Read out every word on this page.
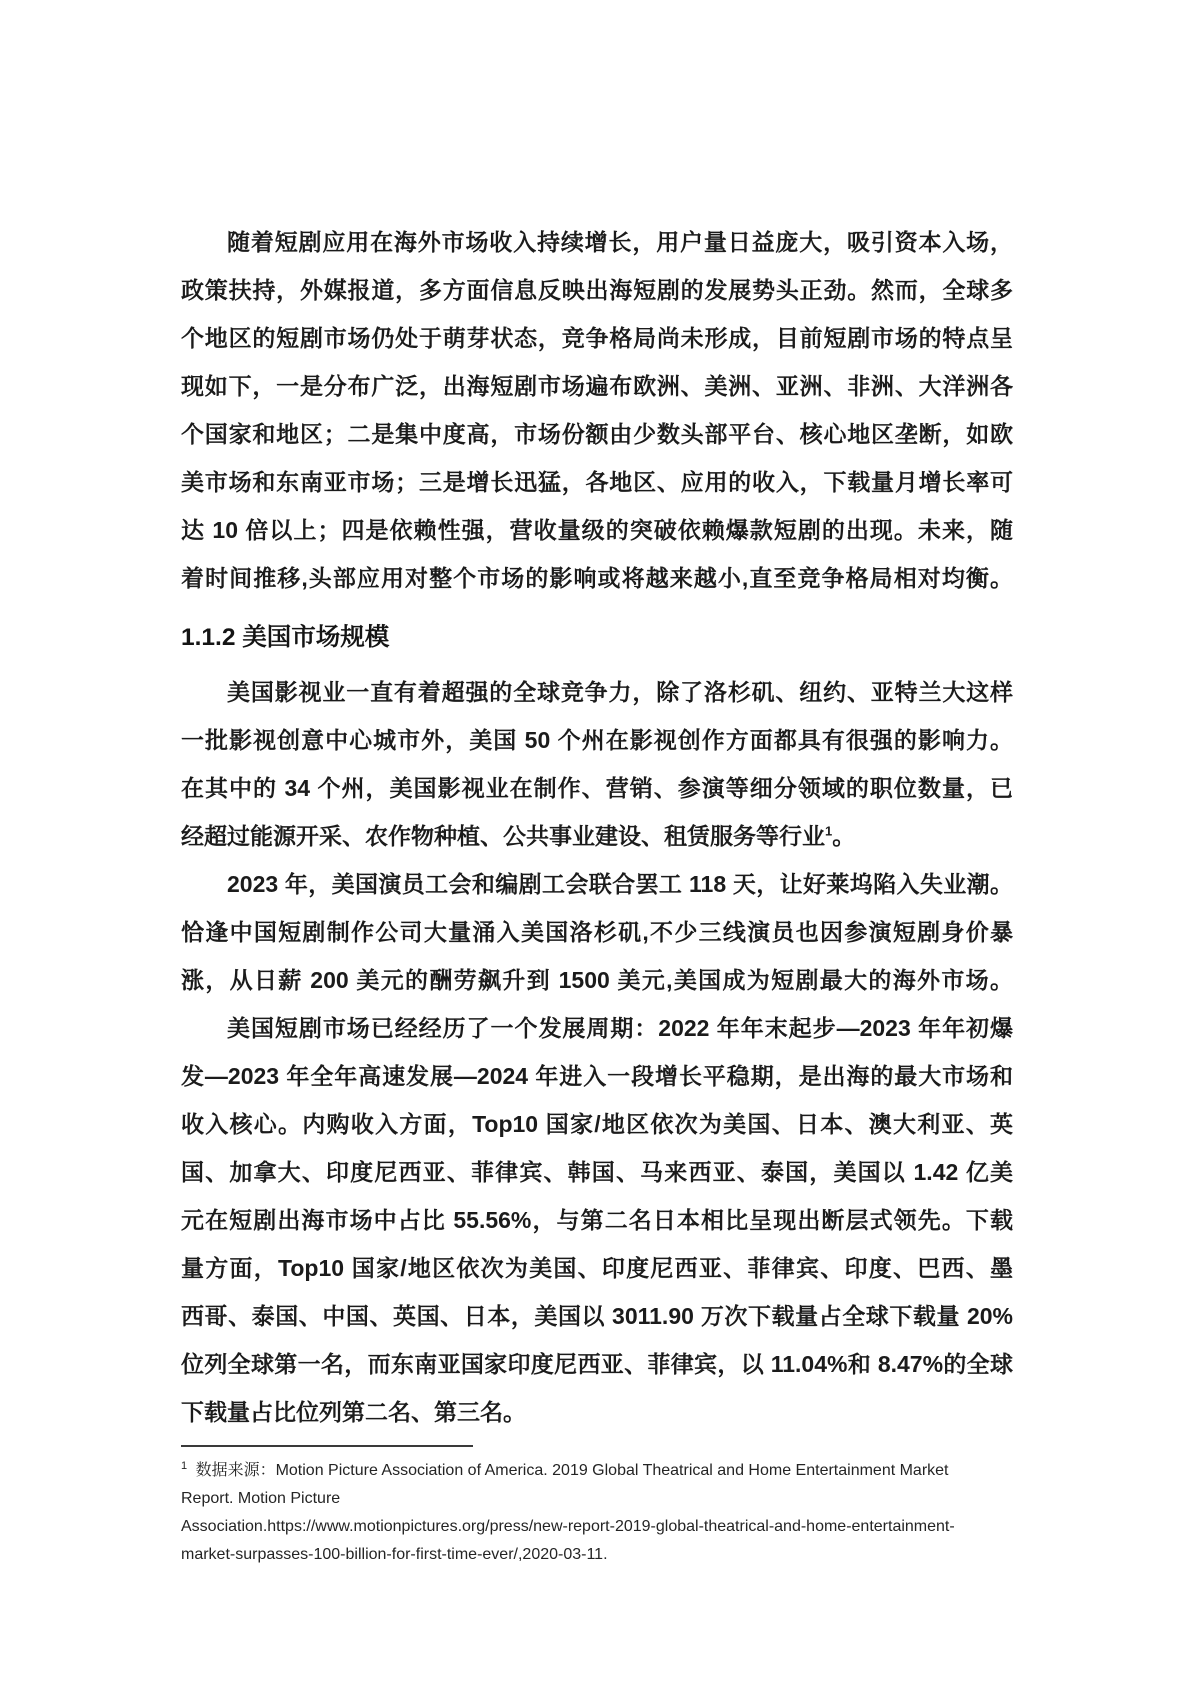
随着短剧应用在海外市场收入持续增长，用户量日益庞大，吸引资本入场，
政策扶持，外媒报道，多方面信息反映出海短剧的发展势头正劲。然而，全球多
个地区的短剧市场仍处于萌芽状态，竞争格局尚未形成，目前短剧市场的特点呈
现如下，一是分布广泛，出海短剧市场遍布欧洲、美洲、亚洲、非洲、大洋洲各
个国家和地区；二是集中度高，市场份额由少数头部平台、核心地区垄断，如欧
美市场和东南亚市场；三是增长迅猛，各地区、应用的收入，下载量月增长率可
达 10 倍以上；四是依赖性强，营收量级的突破依赖爆款短剧的出现。未来，随
着时间推移,头部应用对整个市场的影响或将越来越小,直至竞争格局相对均衡。
1.1.2 美国市场规模
美国影视业一直有着超强的全球竞争力，除了洛杉矶、纽约、亚特兰大这样
一批影视创意中心城市外，美国 50 个州在影视创作方面都具有很强的影响力。
在其中的 34 个州，美国影视业在制作、营销、参演等细分领域的职位数量，已
经超过能源开采、农作物种植、公共事业建设、租赁服务等行业$^1$。
2023 年，美国演员工会和编剧工会联合罢工 118 天，让好莱坞陷入失业潮。
恰逢中国短剧制作公司大量涌入美国洛杉矶,不少三线演员也因参演短剧身价暴
涨，从日薪 200 美元的酬劳飙升到 1500 美元,美国成为短剧最大的海外市场。
美国短剧市场已经经历了一个发展周期：2022 年年末起步—2023 年年初爆
发—2023 年全年高速发展—2024 年进入一段增长平稳期，是出海的最大市场和
收入核心。内购收入方面，Top10 国家/地区依次为美国、日本、澳大利亚、英
国、加拿大、印度尼西亚、菲律宾、韩国、马来西亚、泰国，美国以 1.42 亿美
元在短剧出海市场中占比 55.56%，与第二名日本相比呈现出断层式领先。下载
量方面，Top10 国家/地区依次为美国、印度尼西亚、菲律宾、印度、巴西、墨
西哥、泰国、中国、英国、日本，美国以 3011.90 万次下载量占全球下载量 20%
位列全球第一名，而东南亚国家印度尼西亚、菲律宾，以 11.04%和 8.47%的全球
下载量占比位列第二名、第三名。
$^1$ 数据来源：Motion Picture Association of America. 2019 Global Theatrical and Home Entertainment Market
Report. Motion Picture
Association.https://www.motionpictures.org/press/new-report-2019-global-theatrical-and-home-entertainment-
market-surpasses-100-billion-for-first-time-ever/,2020-03-11.
